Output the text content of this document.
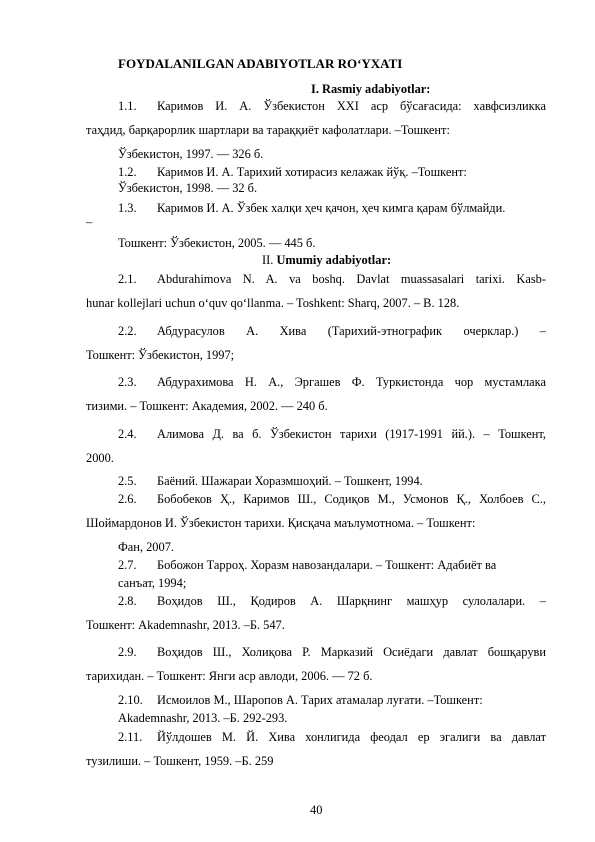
FOYDALANILGAN ADABIYOTLAR RO‘YXATI
I. Rasmiy adabiyotlar:
1.1. Каримов И. А. Ўзбекистон XXI аср бўсағасида: хавфсизликка
таҳдид, барқарорлик шартлари ва тараққиёт кафолатлари. –Тошкент:
Ўзбекистон, 1997. — 326 б.
1.2. Каримов И. А. Тарихий хотирасиз келажак йўқ. –Тошкент:
Ўзбекистон, 1998. — 32 б.
1.3. Каримов И. А. Ўзбек халқи ҳеч қачон, ҳеч кимга қарам бўлмайди.
–
Тошкент: Ўзбекистон, 2005. — 445 б.
II. Umumiy adabiyotlar:
2.1. Abdurahimova N. A. va boshq. Davlat muassasalari tarixi. Kasb-
hunar kollejlari uchun o‘quv qo‘llanma. – Toshkent: Sharq, 2007. – B. 128.
2.2. Абдурасулов А. Хива (Тарихий-этнографик очерклар.) –
Тошкент: Ўзбекистон, 1997;
2.3. Абдурахимова Н. А., Эргашев Ф. Туркистонда чор мустамлака
тизими. – Тошкент: Академия, 2002. — 240 б.
2.4. Алимова Д. ва б. Ўзбекистон тарихи (1917-1991 йй.). – Тошкент,
2000.
2.5. Баёний. Шажараи Хоразмшоҳий. – Тошкент, 1994.
2.6. Бобобеков Ҳ., Каримов Ш., Содиқов М., Усмонов Қ., Холбоев С.,
Шоймардонов И. Ўзбекистон тарихи. Қисқача маълумотнома. – Тошкент:
Фан, 2007.
2.7. Бобожон Тарроҳ. Хоразм навозандалари. – Тошкент: Адабиёт ва
санъат, 1994;
2.8. Воҳидов Ш., Қодиров А. Шарқнинг машҳур сулолалари. –
Тошкент: Akademnashr, 2013. –Б. 547.
2.9. Воҳидов Ш., Холиқова Р. Марказий Осиёдаги давлат бошқаруви
тарихидан. – Тошкент: Янги аср авлоди, 2006. — 72 б.
2.10. Исмоилов М., Шаропов А. Тарих атамалар луғати. –Тошкент:
Akademnashr, 2013. –Б. 292-293.
2.11. Йўлдошев М. Й. Хива хонлигида феодал ер эгалиги ва давлат
тузилиши. – Тошкент, 1959. –Б. 259
40
